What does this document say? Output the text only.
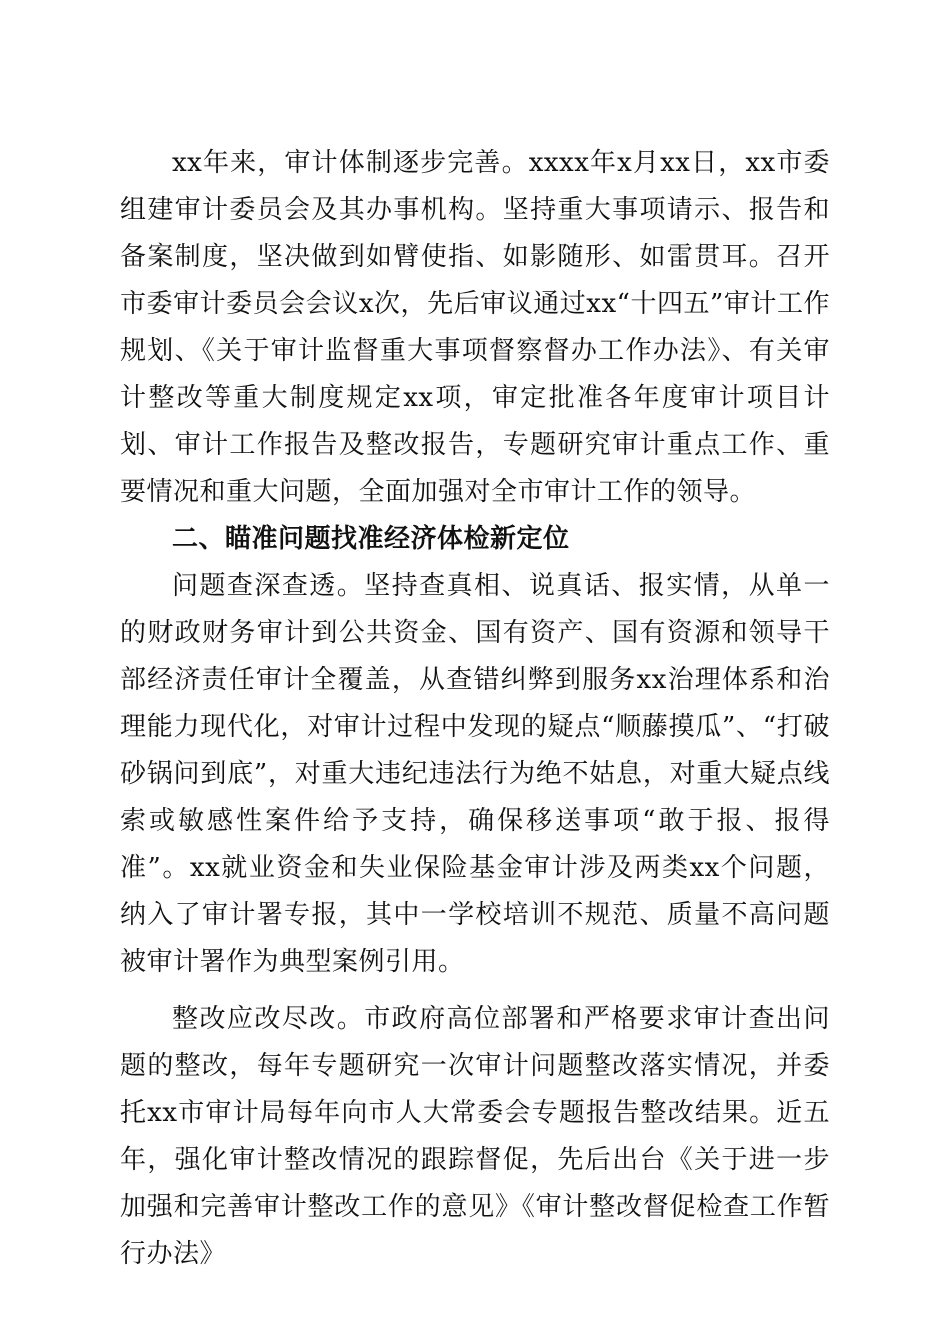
xx年来，审计体制逐步完善。xxxx年x月xx日，xx市委组建审计委员会及其办事机构。坚持重大事项请示、报告和备案制度，坚决做到如臂使指、如影随形、如雷贯耳。召开市委审计委员会会议x次，先后审议通过xx“十四五”审计工作规划、《关于审计监督重大事项督察督办工作办法》、有关审计整改等重大制度规定xx项，审定批准各年度审计项目计划、审计工作报告及整改报告，专题研究审计重点工作、重要情况和重大问题，全面加强对全市审计工作的领导。

二、瞄准问题找准经济体检新定位

问题查深查透。坚持查真相、说真话、报实情，从单一的财政财务审计到公共资金、国有资产、国有资源和领导干部经济责任审计全覆盖，从查错纠弊到服务xx治理体系和治理能力现代化，对审计过程中发现的疑点“顺藤摸瓜”、“打破砂锅问到底”，对重大违纪违法行为绝不姑息，对重大疑点线索或敏感性案件给予支持，确保移送事项“敢于报、报得准”。xx就业资金和失业保险基金审计涉及两类xx个问题，纳入了审计署专报，其中一学校培训不规范、质量不高问题被审计署作为典型案例引用。

整改应改尽改。市政府高位部署和严格要求审计查出问题的整改，每年专题研究一次审计问题整改落实情况，并委托xx市审计局每年向市人大常委会专题报告整改结果。近五年，强化审计整改情况的跟踪督促，先后出台《关于进一步加强和完善审计整改工作的意见》《审计整改督促检查工作暂行办法》
